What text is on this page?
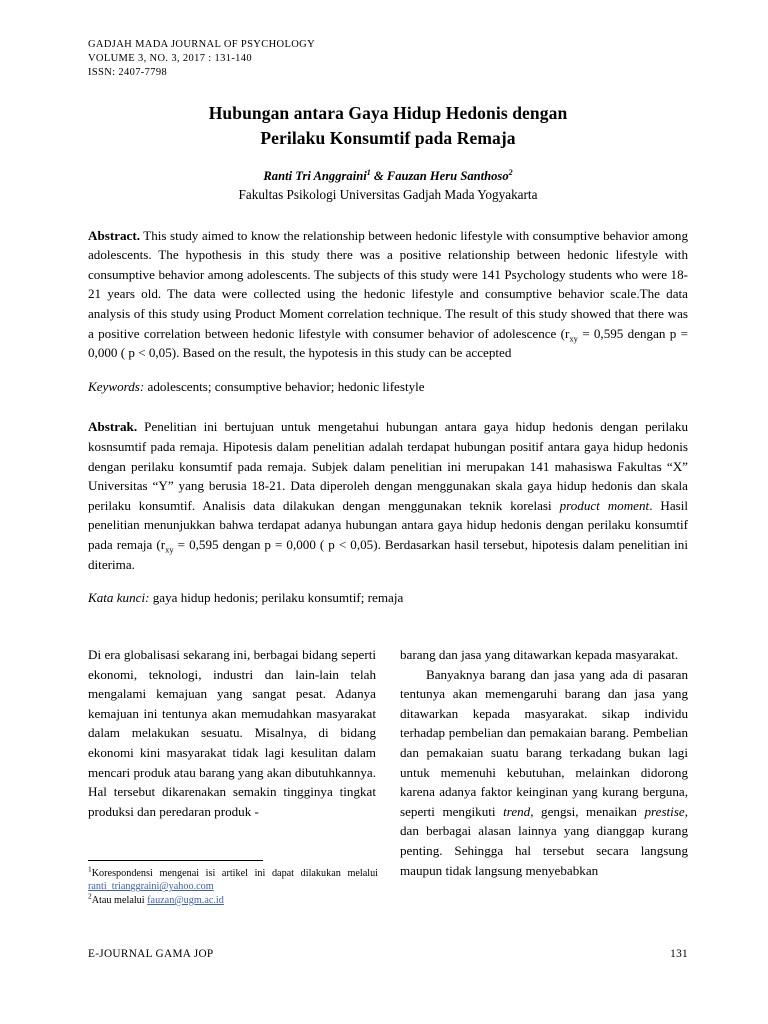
GADJAH MADA JOURNAL OF PSYCHOLOGY
VOLUME 3, NO. 3, 2017 : 131-140
ISSN: 2407-7798
Hubungan antara Gaya Hidup Hedonis dengan
Perilaku Konsumtif pada Remaja
Ranti Tri Anggraini$^1$ & Fauzan Heru Santhoso$^2$
Fakultas Psikologi Universitas Gadjah Mada Yogyakarta
Abstract. This study aimed to know the relationship between hedonic lifestyle with consumptive behavior among adolescents. The hypothesis in this study there was a positive relationship between hedonic lifestyle with consumptive behavior among adolescents. The subjects of this study were 141 Psychology students who were 18-21 years old. The data were collected using the hedonic lifestyle and consumptive behavior scale.The data analysis of this study using Product Moment correlation technique. The result of this study showed that there was a positive correlation between hedonic lifestyle with consumer behavior of adolescence ($r_{xy} = 0,595$ dengan p = 0,000 ( p < 0,05). Based on the result, the hypotesis in this study can be accepted
Keywords: adolescents; consumptive behavior; hedonic lifestyle
Abstrak. Penelitian ini bertujuan untuk mengetahui hubungan antara gaya hidup hedonis dengan perilaku kosnsumtif pada remaja. Hipotesis dalam penelitian adalah terdapat hubungan positif antara gaya hidup hedonis dengan perilaku konsumtif pada remaja. Subjek dalam penelitian ini merupakan 141 mahasiswa Fakultas “X” Universitas “Y” yang berusia 18-21. Data diperoleh dengan menggunakan skala gaya hidup hedonis dan skala perilaku konsumtif. Analisis data dilakukan dengan menggunakan teknik korelasi product moment. Hasil penelitian menunjukkan bahwa terdapat adanya hubungan antara gaya hidup hedonis dengan perilaku konsumtif pada remaja ($r_{xy} = 0,595$ dengan p = 0,000 ( p < 0,05). Berdasarkan hasil tersebut, hipotesis dalam penelitian ini diterima.
Kata kunci: gaya hidup hedonis; perilaku konsumtif; remaja

Di era globalisasi sekarang ini, berbagai bidang seperti ekonomi, teknologi, industri dan lain-lain telah mengalami kemajuan yang sangat pesat. Adanya kemajuan ini tentunya akan memudahkan masyarakat dalam melakukan sesuatu. Misalnya, di bidang ekonomi kini masyarakat tidak lagi kesulitan dalam mencari produk atau barang yang akan dibutuhkannya. Hal tersebut dikarenakan semakin tingginya tingkat produksi dan peredaran produk -

$^1$Korespondensi mengenai isi artikel ini dapat dilakukan melalui ranti_trianggraini@yahoo.com
$^2$Atau melalui fauzan@ugm.ac.id

barang dan jasa yang ditawarkan kepada masyarakat.

Banyaknya barang dan jasa yang ada di pasaran tentunya akan memengaruhi barang dan jasa yang ditawarkan kepada masyarakat. sikap individu terhadap pembelian dan pemakaian barang. Pembelian dan pemakaian suatu barang terkadang bukan lagi untuk memenuhi kebutuhan, melainkan didorong karena adanya faktor keinginan yang kurang berguna, seperti mengikuti trend, gengsi, menaikan prestise, dan berbagai alasan lainnya yang dianggap kurang penting. Sehingga hal tersebut secara langsung maupun tidak langsung menyebabkan

E-JOURNAL GAMA JOP	131
